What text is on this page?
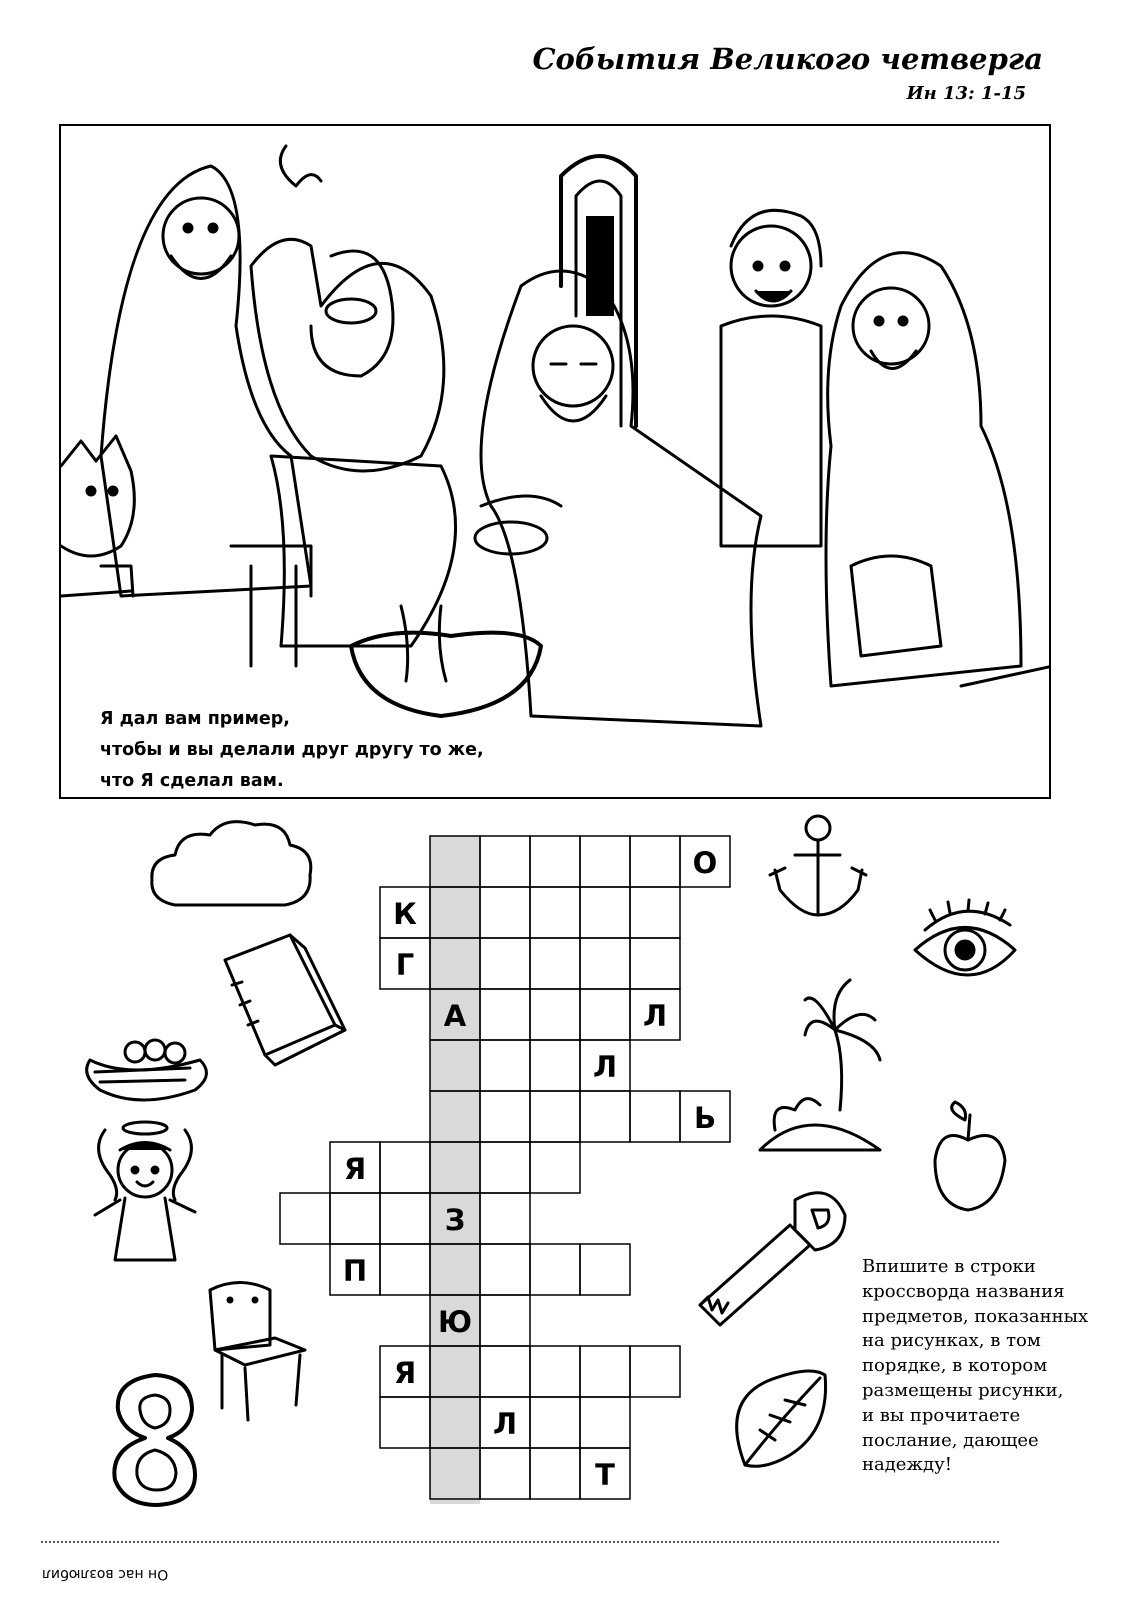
События Великого четверга
Ин 13: 1-15
Я дал вам пример,
чтобы и вы делали друг другу то же,
что Я сделал вам.
О
К
Г
А	Л
Л
Ь
Я
З
П
Ю
Я
Л
Т
Впишите в строки
кроссворда названия
предметов, показанных
на рисунках, в том
порядке, в котором
размещены рисунки,
и вы прочитаете
послание, дающее
надежду!
Он нас возлюбил
